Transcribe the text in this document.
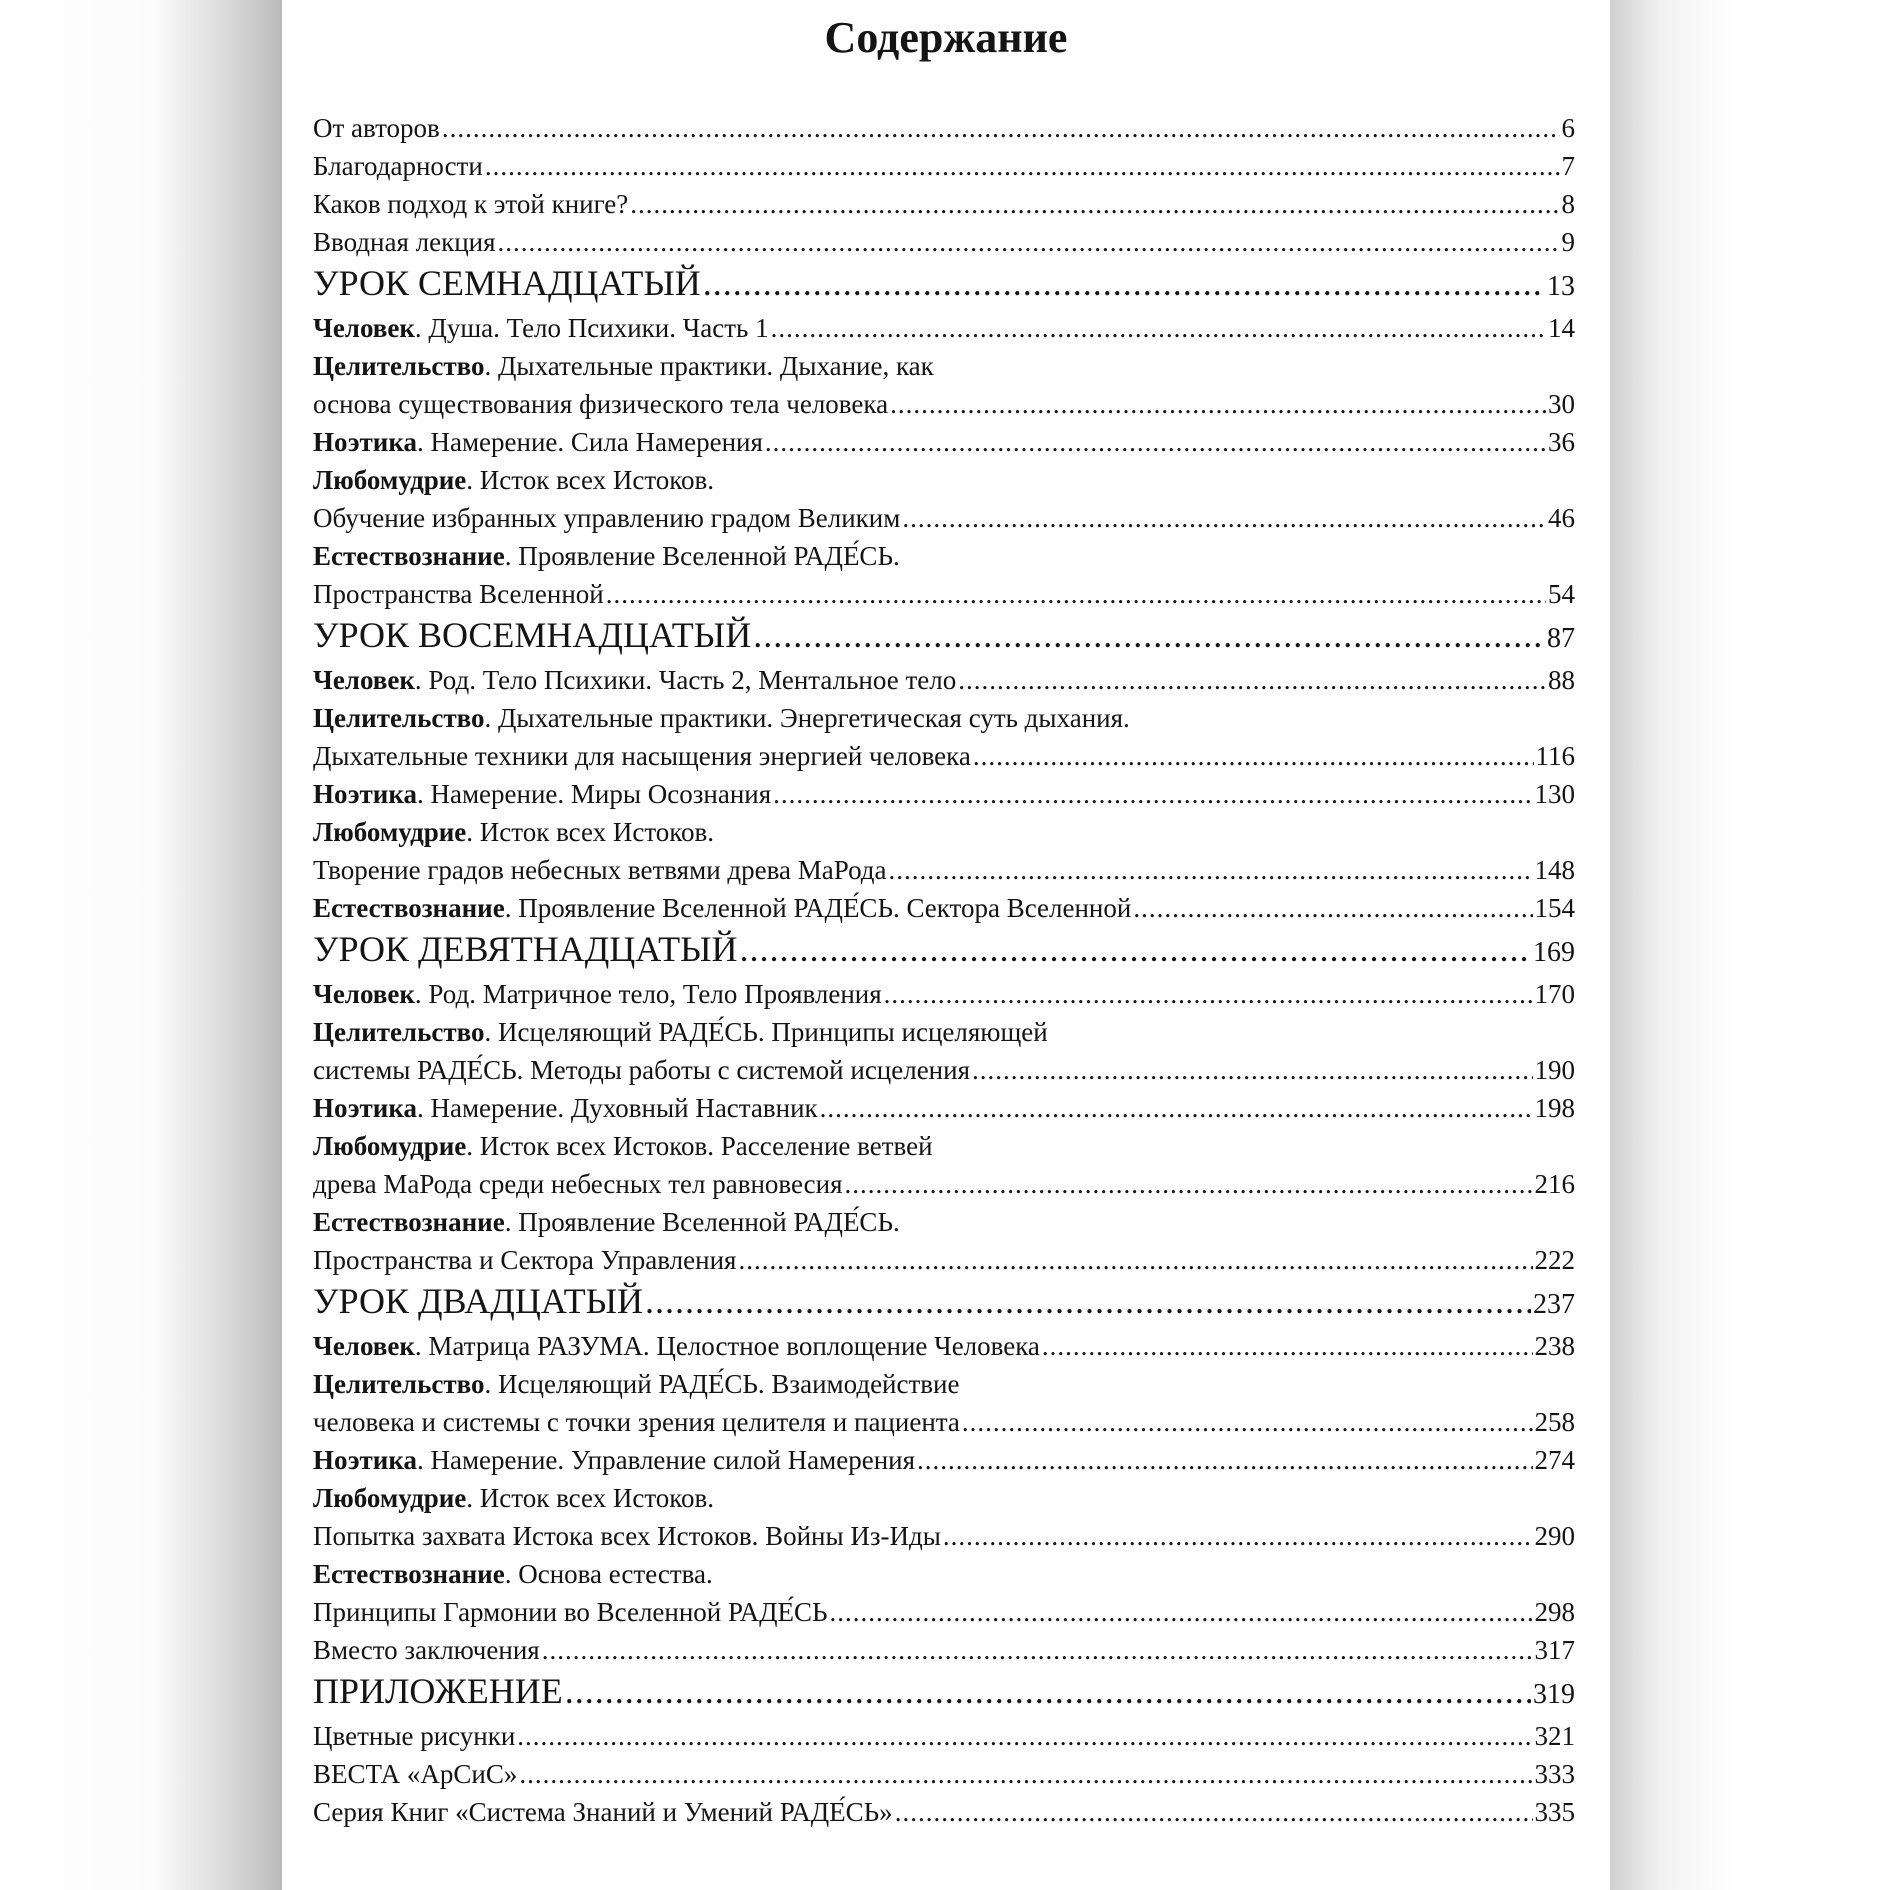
Содержание
От авторов .....	6
Благодарности .....	7
Каков подход к этой книге? .....	8
Вводная лекция .....	9
УРОК СЕМНАДЦАТЫЙ .....	13
Человек. Душа. Тело Психики. Часть 1 .....	14
Целительство. Дыхательные практики. Дыхание, как
основа существования физического тела человека .....	30
Ноэтика. Намерение. Сила Намерения .....	36
Любомудрие. Исток всех Истоков.
Обучение избранных управлению градом Великим .....	46
Естествознание. Проявление Вселенной РАДЕ́СЬ.
Пространства Вселенной .....	54
УРОК ВОСЕМНАДЦАТЫЙ .....	87
Человек. Род. Тело Психики. Часть 2, Ментальное тело .....	88
Целительство. Дыхательные практики. Энергетическая суть дыхания.
Дыхательные техники для насыщения энергией человека .....	116
Ноэтика. Намерение. Миры Осознания .....	130
Любомудрие. Исток всех Истоков.
Творение градов небесных ветвями древа МаРода .....	148
Естествознание. Проявление Вселенной РАДЕ́СЬ. Сектора Вселенной .....	154
УРОК ДЕВЯТНАДЦАТЫЙ .....	169
Человек. Род. Матричное тело, Тело Проявления .....	170
Целительство. Исцеляющий РАДЕ́СЬ. Принципы исцеляющей
системы РАДЕ́СЬ. Методы работы с системой исцеления .....	190
Ноэтика. Намерение. Духовный Наставник .....	198
Любомудрие. Исток всех Истоков. Расселение ветвей
древа МаРода среди небесных тел равновесия .....	216
Естествознание. Проявление Вселенной РАДЕ́СЬ.
Пространства и Сектора Управления .....	222
УРОК ДВАДЦАТЫЙ .....	237
Человек. Матрица РАЗУМА. Целостное воплощение Человека .....	238
Целительство. Исцеляющий РАДЕ́СЬ. Взаимодействие
человека и системы с точки зрения целителя и пациента .....	258
Ноэтика. Намерение. Управление силой Намерения .....	274
Любомудрие. Исток всех Истоков.
Попытка захвата Истока всех Истоков. Войны Из-Иды .....	290
Естествознание. Основа естества.
Принципы Гармонии во Вселенной РАДЕ́СЬ .....	298
Вместо заключения .....	317
ПРИЛОЖЕНИЕ .....	319
Цветные рисунки .....	321
ВЕСТА «АрСиС» .....	333
Серия Книг «Система Знаний и Умений РАДЕ́СЬ» .....	335
